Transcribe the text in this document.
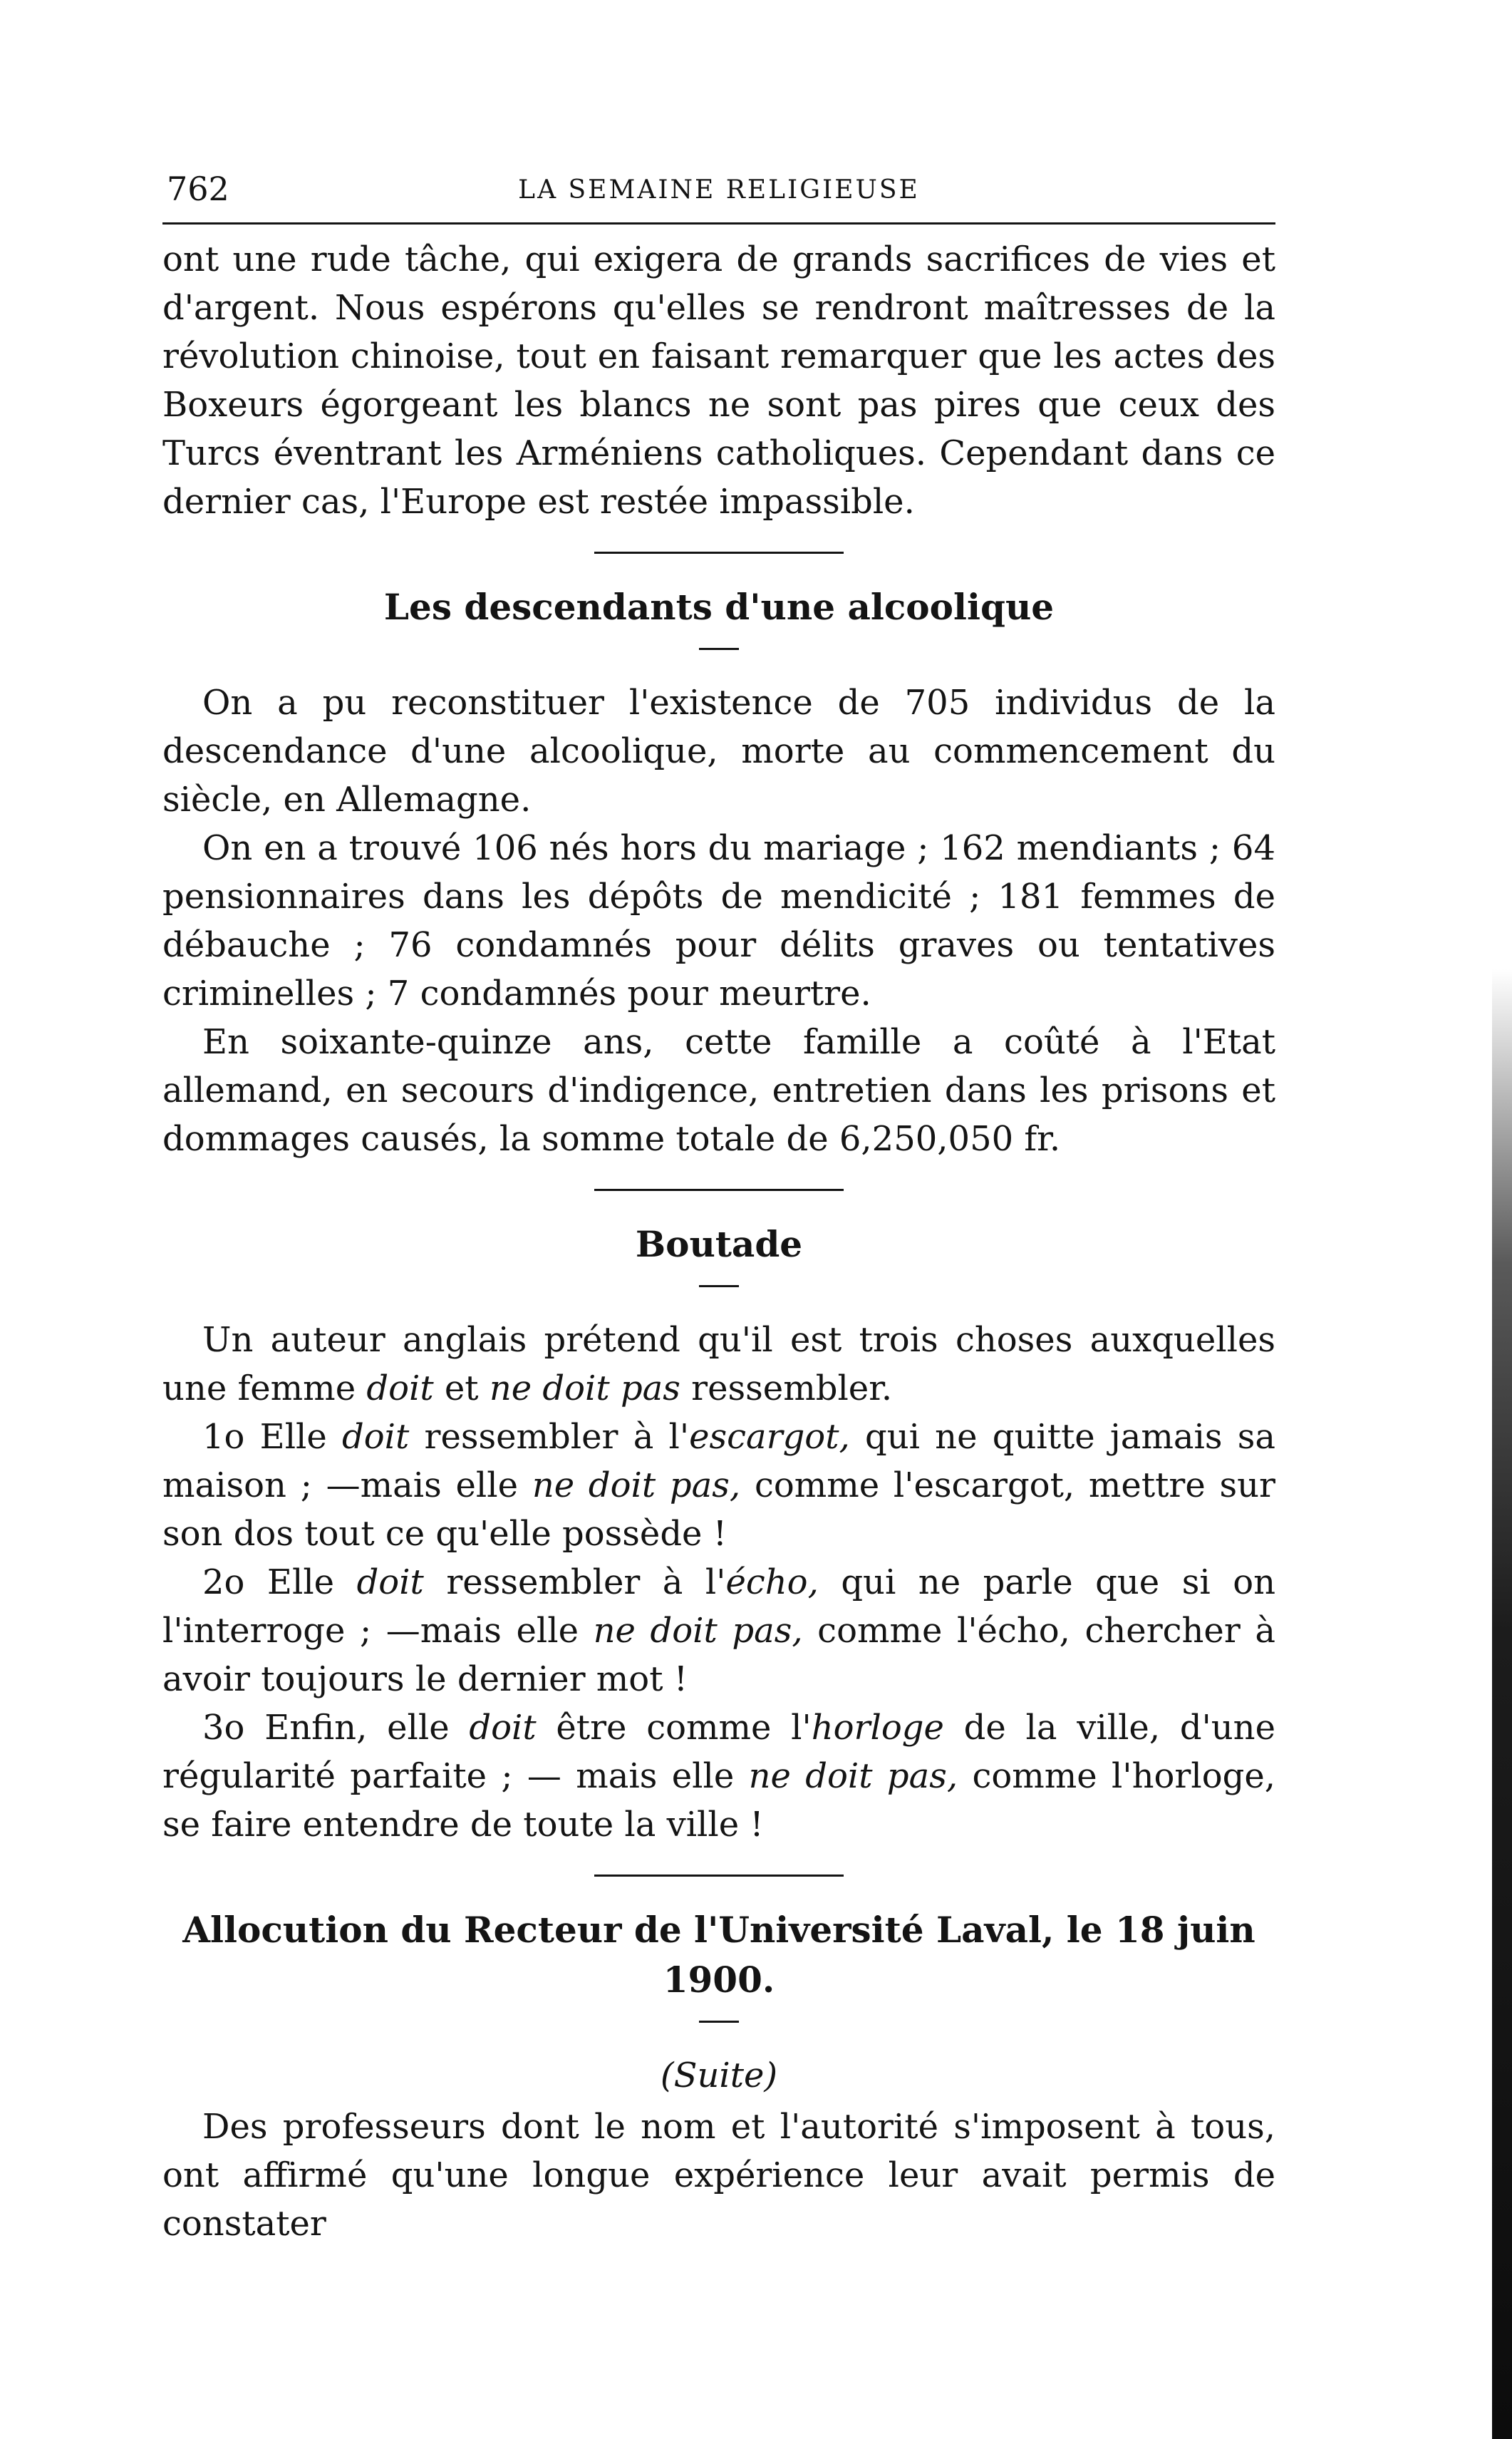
762	LA SEMAINE RELIGIEUSE

ont une rude tâche, qui exigera de grands sacrifices de vies et d'argent. Nous espérons qu'elles se rendront maîtresses de la révolution chinoise, tout en faisant remarquer que les actes des Boxeurs égorgeant les blancs ne sont pas pires que ceux des Turcs éventrant les Arméniens catholiques. Cependant dans ce dernier cas, l'Europe est restée impassible.

Les descendants d'une alcoolique

On a pu reconstituer l'existence de 705 individus de la descendance d'une alcoolique, morte au commencement du siècle, en Allemagne.

On en a trouvé 106 nés hors du mariage ; 162 mendiants ; 64 pensionnaires dans les dépôts de mendicité ; 181 femmes de débauche ; 76 condamnés pour délits graves ou tentatives criminelles ; 7 condamnés pour meurtre.

En soixante-quinze ans, cette famille a coûté à l'Etat allemand, en secours d'indigence, entretien dans les prisons et dommages causés, la somme totale de 6,250,050 fr.

Boutade

Un auteur anglais prétend qu'il est trois choses auxquelles une femme doit et ne doit pas ressembler.

1o Elle doit ressembler à l'escargot, qui ne quitte jamais sa maison ; —mais elle ne doit pas, comme l'escargot, mettre sur son dos tout ce qu'elle possède !

2o Elle doit ressembler à l'écho, qui ne parle que si on l'interroge ; —mais elle ne doit pas, comme l'écho, chercher à avoir toujours le dernier mot !

3o Enfin, elle doit être comme l'horloge de la ville, d'une régularité parfaite ; — mais elle ne doit pas, comme l'horloge, se faire entendre de toute la ville !

Allocution du Recteur de l'Université Laval, le 18 juin 1900.
(Suite)

Des professeurs dont le nom et l'autorité s'imposent à tous, ont affirmé qu'une longue expérience leur avait permis de constater
